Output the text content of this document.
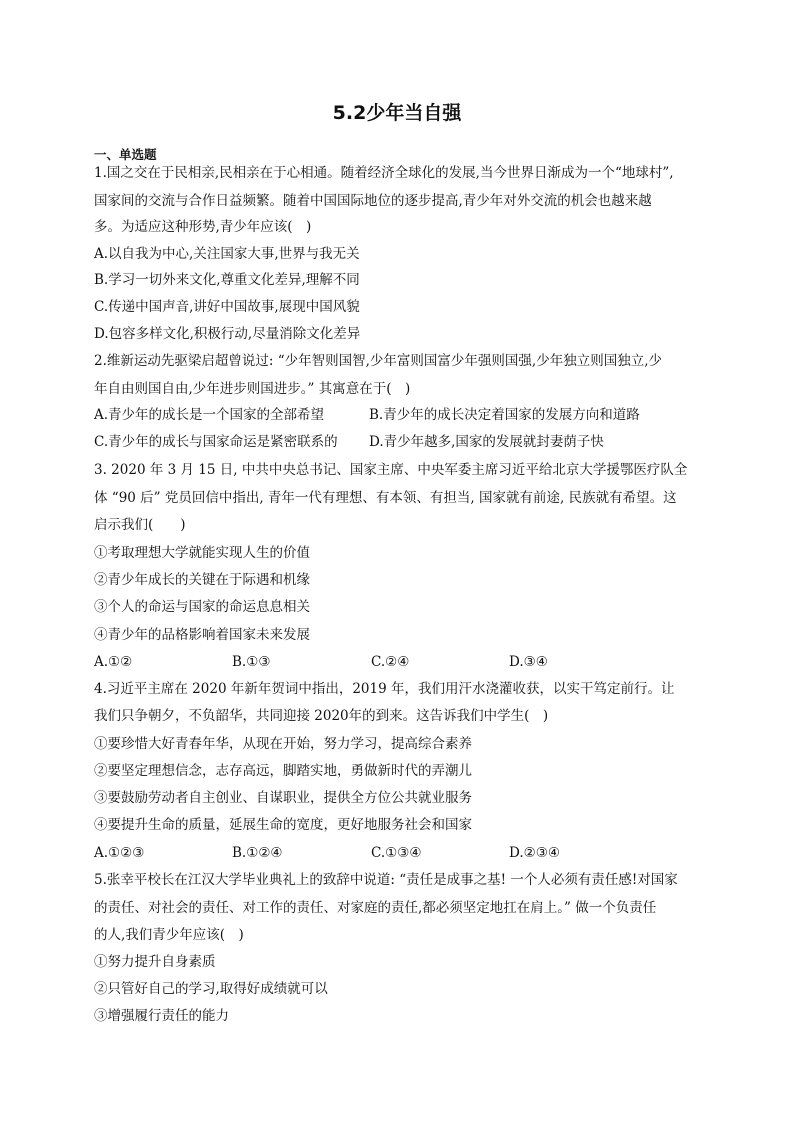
5.2少年当自强
一、单选题
1.国之交在于民相亲,民相亲在于心相通。随着经济全球化的发展,当今世界日渐成为一个“地球村”,
国家间的交流与合作日益频繁。随着中国国际地位的逐步提高,青少年对外交流的机会也越来越
多。为适应这种形势,青少年应该(　)
A.以自我为中心,关注国家大事,世界与我无关
B.学习一切外来文化,尊重文化差异,理解不同
C.传递中国声音,讲好中国故事,展现中国风貌
D.包容多样文化,积极行动,尽量消除文化差异
2.维新运动先驱梁启超曾说过: “少年智则国智,少年富则国富少年强则国强,少年独立则国独立,少
年自由则国自由,少年进步则国进步。” 其寓意在于(　)
A.青少年的成长是一个国家的全部希望	B.青少年的成长决定着国家的发展方向和道路
C.青少年的成长与国家命运是紧密联系的 D.青少年越多,国家的发展就封妻荫子快
3. 2020 年 3 月 15 日, 中共中央总书记、国家主席、中央军委主席习近平给北京大学援鄂医疗队全
体 “90 后” 党员回信中指出, 青年一代有理想、有本领、有担当, 国家就有前途, 民族就有希望。这
启示我们(　　)
①考取理想大学就能实现人生的价值
②青少年成长的关键在于际遇和机缘
③个人的命运与国家的命运息息相关
④青少年的品格影响着国家未来发展
A.①②	B.①③	C.②④	D.③④
4.习近平主席在 2020 年新年贺词中指出，2019 年，我们用汗水浇灌收获，以实干笃定前行。让
我们只争朝夕，不负韶华，共同迎接 2020年的到来。这告诉我们中学生(　)
①要珍惜大好青春年华，从现在开始，努力学习，提高综合素养
②要坚定理想信念，志存高远，脚踏实地，勇做新时代的弄潮儿
③要鼓励劳动者自主创业、自谋职业，提供全方位公共就业服务
④要提升生命的质量，延展生命的宽度，更好地服务社会和国家
A.①②③	B.①②④	C.①③④	D.②③④
5.张幸平校长在江汉大学毕业典礼上的致辞中说道: “责任是成事之基! 一个人必须有责任感!对国家
的责任、对社会的责任、对工作的责任、对家庭的责任,都必须坚定地扛在肩上。” 做一个负责任
的人,我们青少年应该(　)
①努力提升自身素质
②只管好自己的学习,取得好成绩就可以
③增强履行责任的能力
